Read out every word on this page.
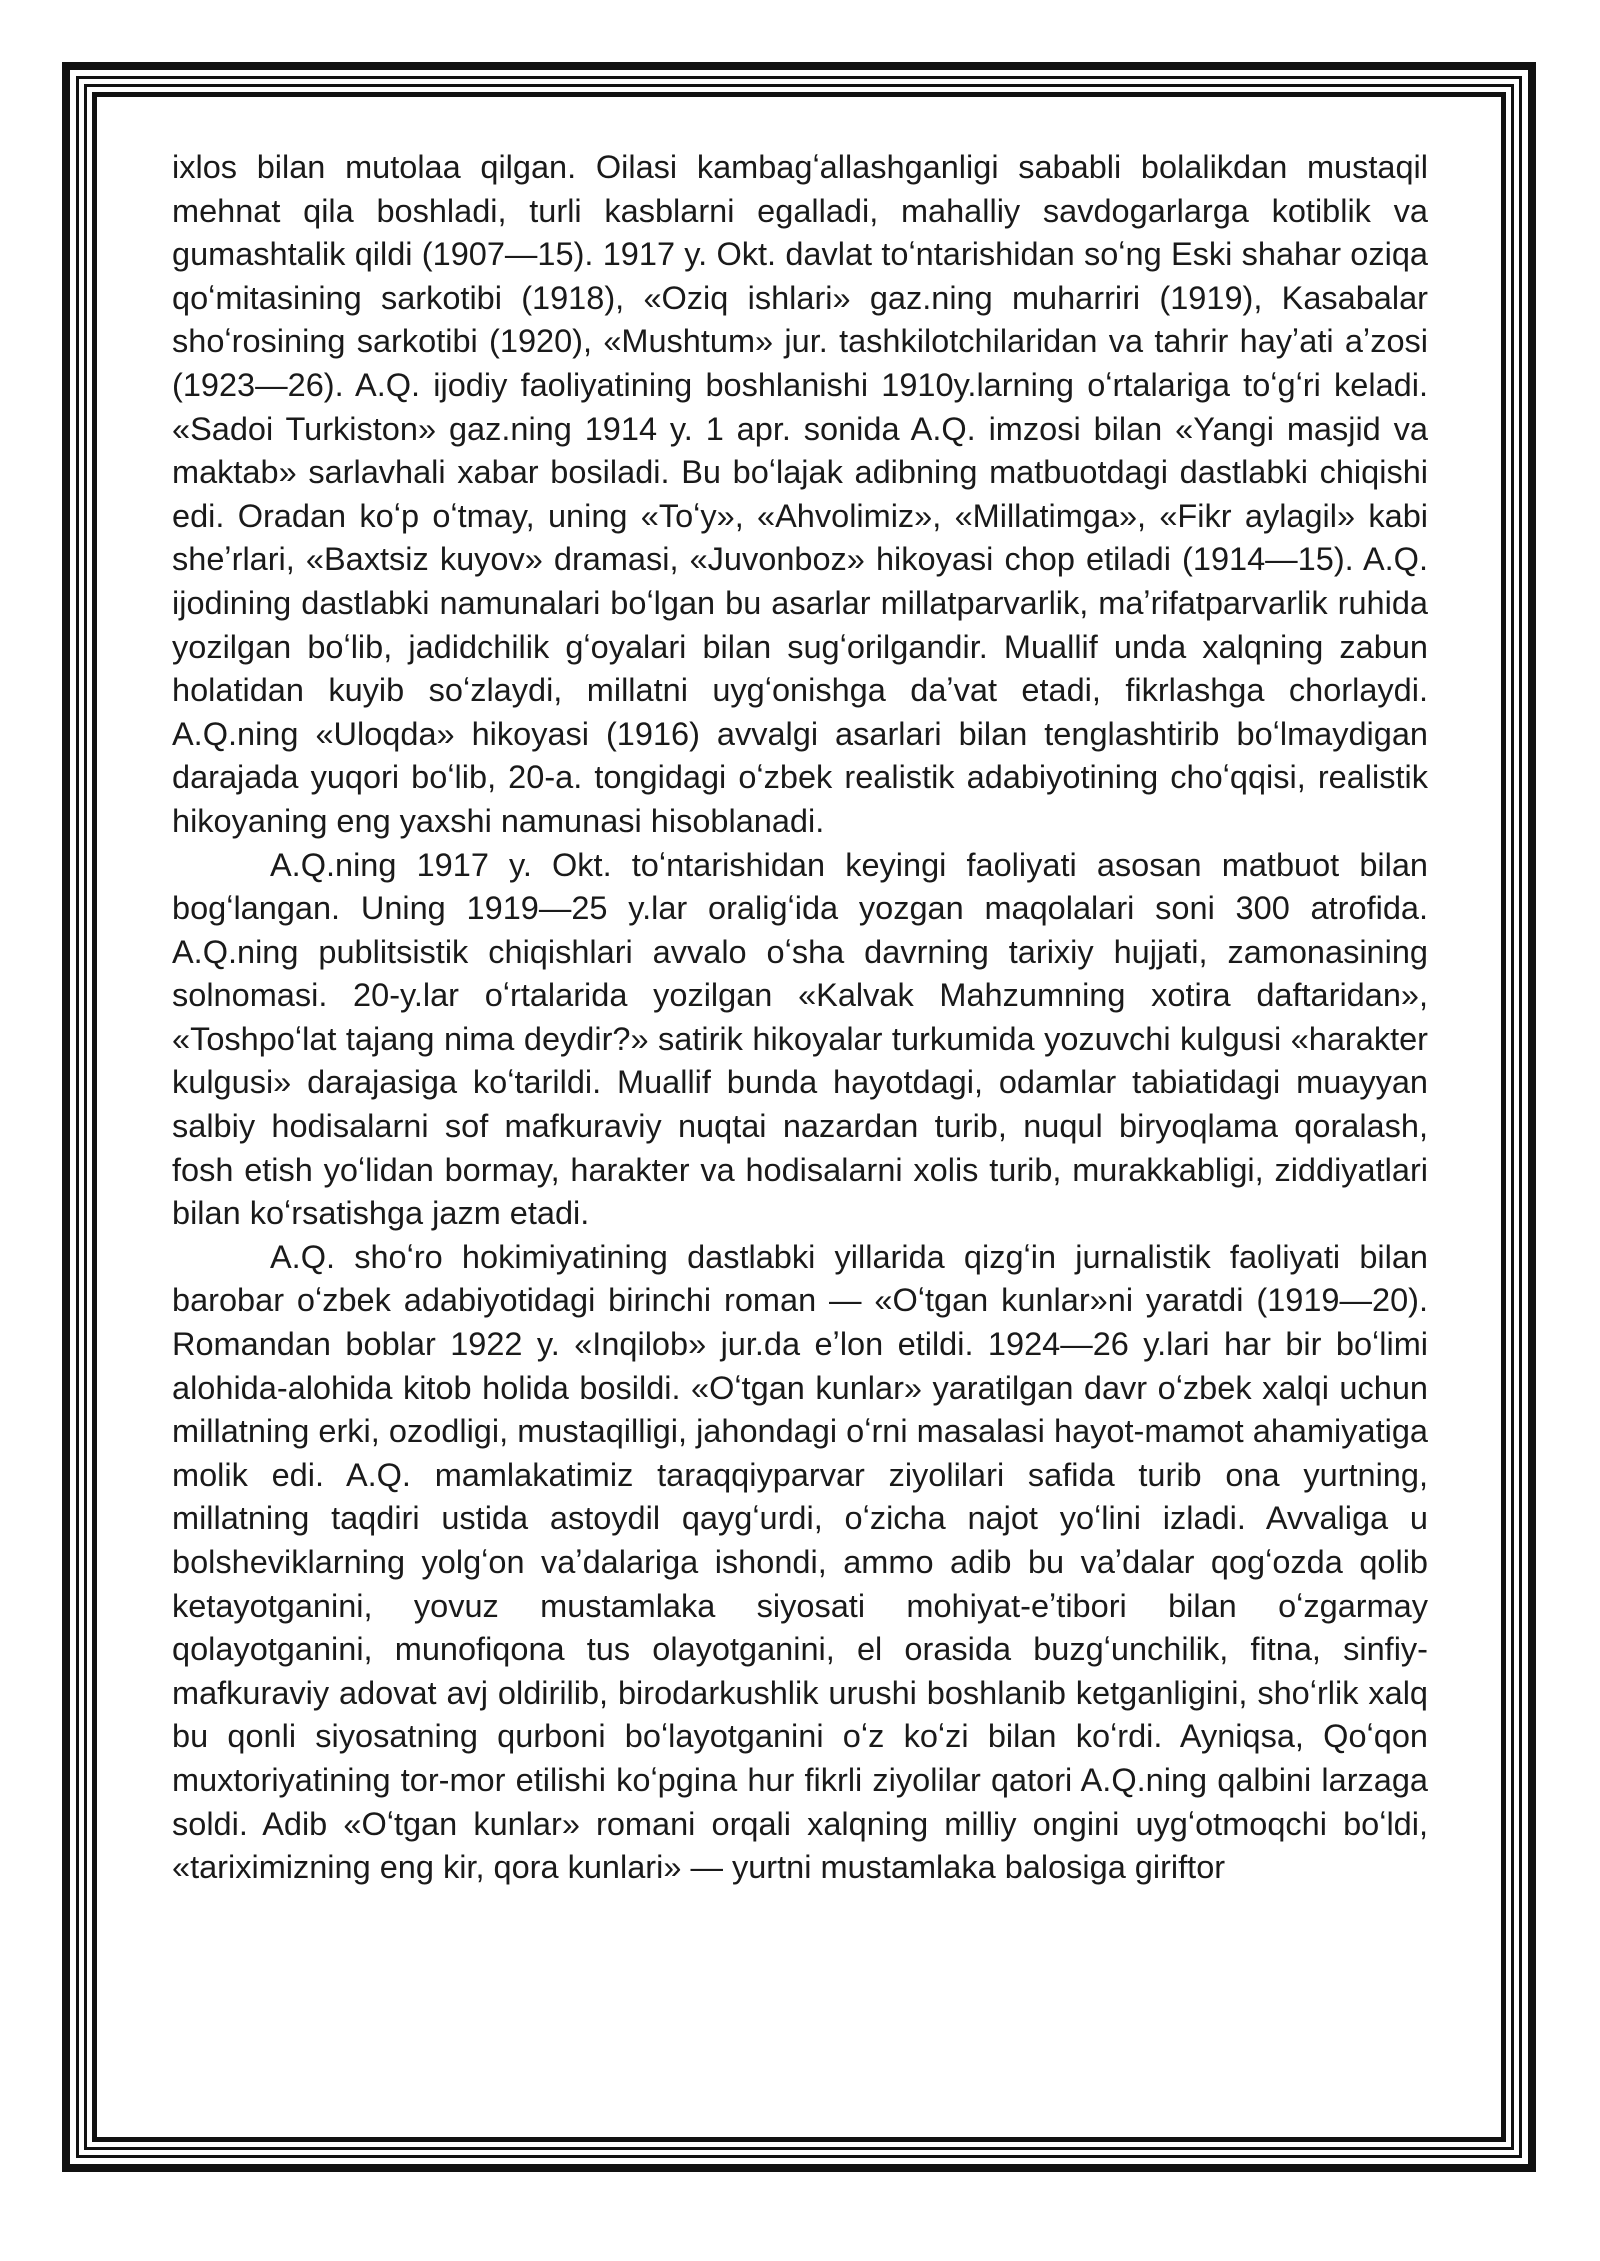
ixlos bilan mutolaa qilgan. Oilasi kambagʻallashganligi sababli bolalikdan mustaqil mehnat qila boshladi, turli kasblarni egalladi, mahalliy savdogarlarga kotiblik va gumashtalik qildi (1907—15). 1917 y. Okt. davlat toʻntarishidan soʻng Eski shahar oziqa qoʻmitasining sarkotibi (1918), «Oziq ishlari» gaz.ning muharriri (1919), Kasabalar shoʻrosining sarkotibi (1920), «Mushtum» jur. tashkilotchilaridan va tahrir hayʼati aʼzosi (1923—26). A.Q. ijodiy faoliyatining boshlanishi 1910y.larning oʻrtalariga toʻgʻri keladi. «Sadoi Turkiston» gaz.ning 1914 y. 1 apr. sonida A.Q. imzosi bilan «Yangi masjid va maktab» sarlavhali xabar bosiladi. Bu boʻlajak adibning matbuotdagi dastlabki chiqishi edi. Oradan koʻp oʻtmay, uning «Toʻy», «Ahvolimiz», «Millatimga», «Fikr aylagil» kabi sheʼrlari, «Baxtsiz kuyov» dramasi, «Juvonboz» hikoyasi chop etiladi (1914—15). A.Q. ijodining dastlabki namunalari boʻlgan bu asarlar millatparvarlik, maʼrifatparvarlik ruhida yozilgan boʻlib, jadidchilik gʻoyalari bilan sugʻorilgandir. Muallif unda xalqning zabun holatidan kuyib soʻzlaydi, millatni uygʻonishga daʼvat etadi, fikrlashga chorlaydi. A.Q.ning «Uloqda» hikoyasi (1916) avvalgi asarlari bilan tenglashtirib boʻlmaydigan darajada yuqori boʻlib, 20-a. tongidagi oʻzbek realistik adabiyotining choʻqqisi, realistik hikoyaning eng yaxshi namunasi hisoblanadi.

A.Q.ning 1917 y. Okt. toʻntarishidan keyingi faoliyati asosan matbuot bilan bogʻlangan. Uning 1919—25 y.lar oraligʻida yozgan maqolalari soni 300 atrofida. A.Q.ning publitsistik chiqishlari avvalo oʻsha davrning tarixiy hujjati, zamonasining solnomasi. 20-y.lar oʻrtalarida yozilgan «Kalvak Mahzumning xotira daftaridan», «Toshpoʻlat tajang nima deydir?» satirik hikoyalar turkumida yozuvchi kulgusi «harakter kulgusi» darajasiga koʻtarildi. Muallif bunda hayotdagi, odamlar tabiatidagi muayyan salbiy hodisalarni sof mafkuraviy nuqtai nazardan turib, nuqul biryoqlama qoralash, fosh etish yoʻlidan bormay, harakter va hodisalarni xolis turib, murakkabligi, ziddiyatlari bilan koʻrsatishga jazm etadi.

A.Q. shoʻro hokimiyatining dastlabki yillarida qizgʻin jurnalistik faoliyati bilan barobar oʻzbek adabiyotidagi birinchi roman — «Oʻtgan kunlar»ni yaratdi (1919—20). Romandan boblar 1922 y. «Inqilob» jur.da eʼlon etildi. 1924—26 y.lari har bir boʻlimi alohida-alohida kitob holida bosildi. «Oʻtgan kunlar» yaratilgan davr oʻzbek xalqi uchun millatning erki, ozodligi, mustaqilligi, jahondagi oʻrni masalasi hayot-mamot ahamiyatiga molik edi. A.Q. mamlakatimiz taraqqiyparvar ziyolilari safida turib ona yurtning, millatning taqdiri ustida astoydil qaygʻurdi, oʻzicha najot yoʻlini izladi. Avvaliga u bolsheviklarning yolgʻon vaʼdalariga ishondi, ammo adib bu vaʼdalar qogʻozda qolib ketayotganini, yovuz mustamlaka siyosati mohiyat-eʼtibori bilan oʻzgarmay qolayotganini, munofiqona tus olayotganini, el orasida buzgʻunchilik, fitna, sinfiy-mafkuraviy adovat avj oldirilib, birodarkushlik urushi boshlanib ketganligini, shoʻrlik xalq bu qonli siyosatning qurboni boʻlayotganini oʻz koʻzi bilan koʻrdi. Ayniqsa, Qoʻqon muxtoriyatining tor-mor etilishi koʻpgina hur fikrli ziyolilar qatori A.Q.ning qalbini larzaga soldi. Adib «Oʻtgan kunlar» romani orqali xalqning milliy ongini uygʻotmoqchi boʻldi, «tariximizning eng kir, qora kunlari» — yurtni mustamlaka balosiga giriftor
